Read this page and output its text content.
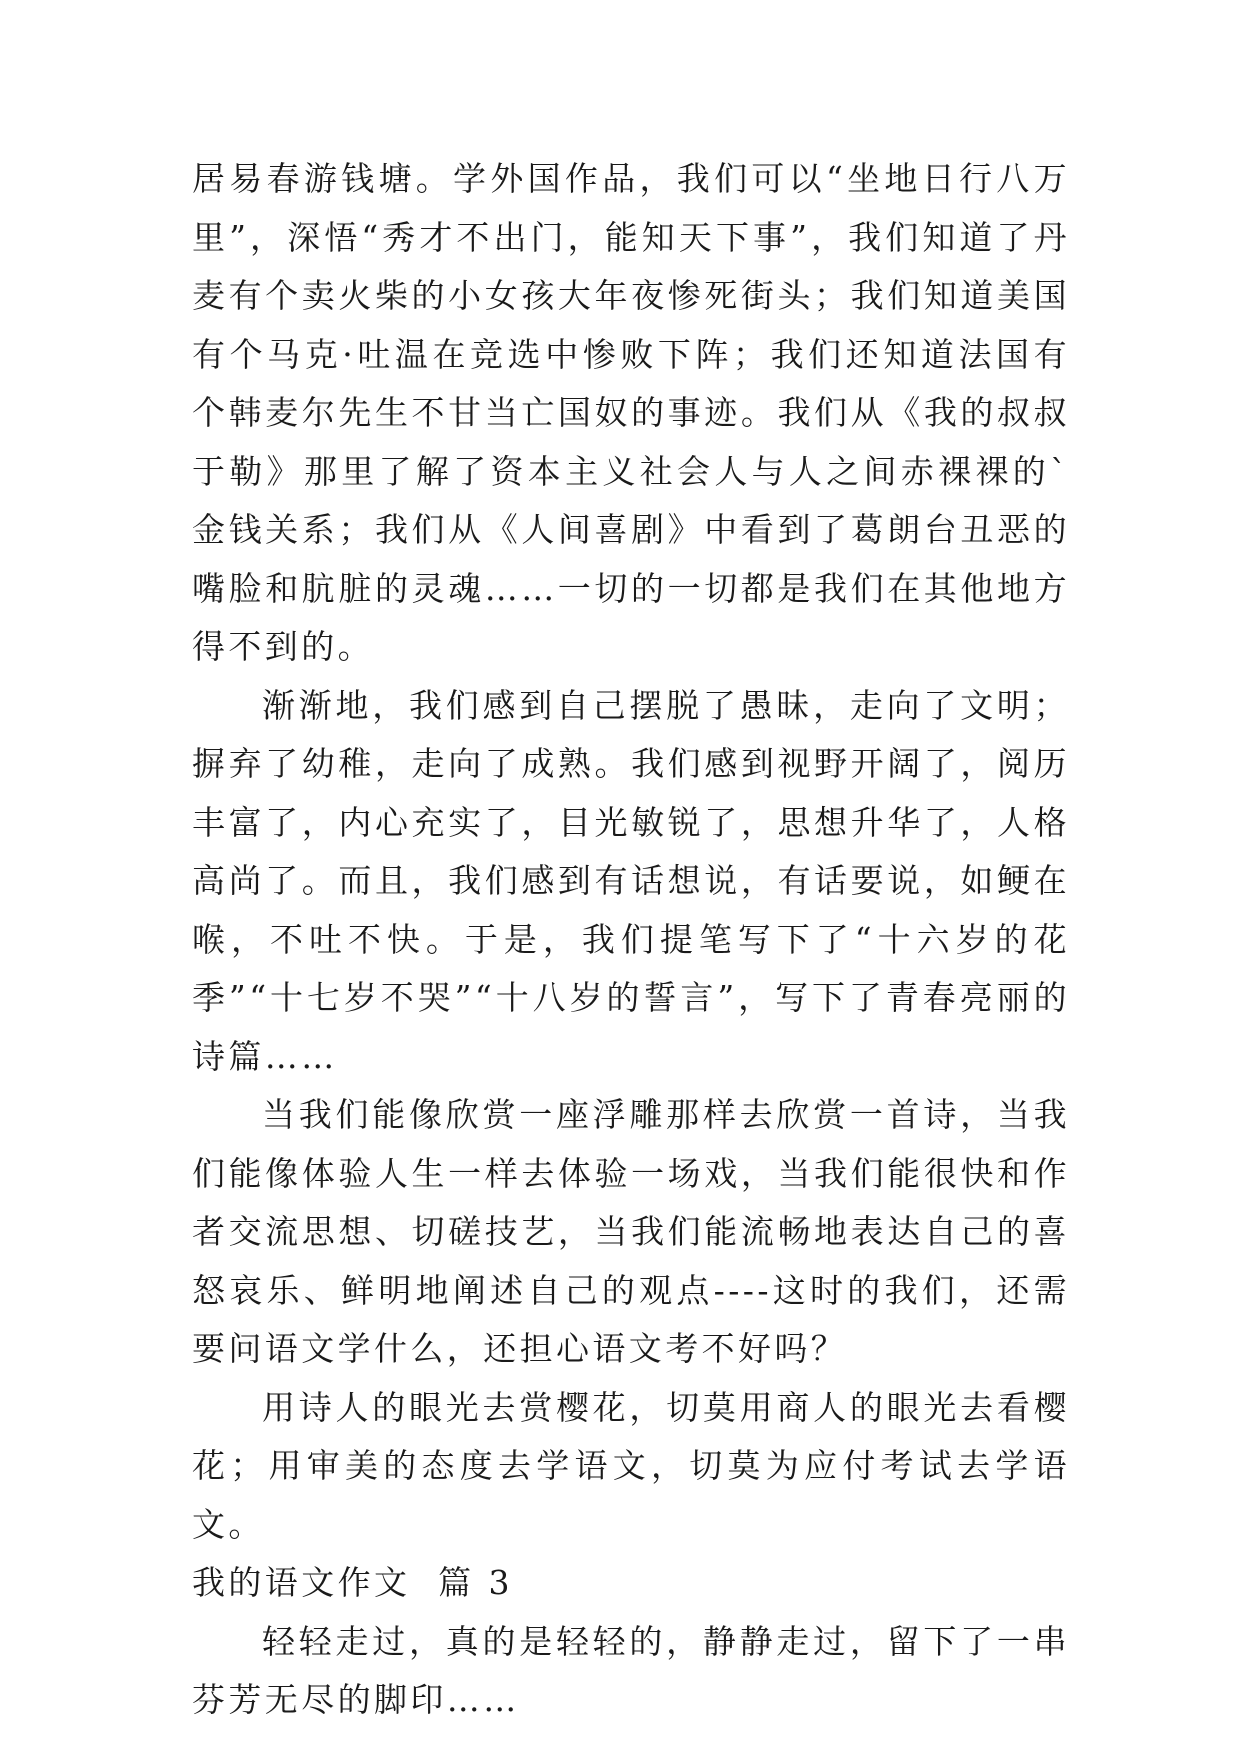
居易春游钱塘。学外国作品，我们可以“坐地日行八万里”，深悟“秀才不出门，能知天下事”，我们知道了丹麦有个卖火柴的小女孩大年夜惨死街头；我们知道美国有个马克·吐温在竞选中惨败下阵；我们还知道法国有个韩麦尔先生不甘当亡国奴的事迹。我们从《我的叔叔于勒》那里了解了资本主义社会人与人之间赤裸裸的`金钱关系；我们从《人间喜剧》中看到了葛朗台丑恶的嘴脸和肮脏的灵魂……一切的一切都是我们在其他地方得不到的。

渐渐地，我们感到自己摆脱了愚昧，走向了文明；摒弃了幼稚，走向了成熟。我们感到视野开阔了，阅历丰富了，内心充实了，目光敏锐了，思想升华了，人格高尚了。而且，我们感到有话想说，有话要说，如鲠在喉，不吐不快。于是，我们提笔写下了“十六岁的花季”“十七岁不哭”“十八岁的誓言”，写下了青春亮丽的诗篇……

当我们能像欣赏一座浮雕那样去欣赏一首诗，当我们能像体验人生一样去体验一场戏，当我们能很快和作者交流思想、切磋技艺，当我们能流畅地表达自己的喜怒哀乐、鲜明地阐述自己的观点----这时的我们，还需要问语文学什么，还担心语文考不好吗？

用诗人的眼光去赏樱花，切莫用商人的眼光去看樱花；用审美的态度去学语文，切莫为应付考试去学语文。

我的语文作文  篇 3

轻轻走过，真的是轻轻的，静静走过，留下了一串芬芳无尽的脚印……
